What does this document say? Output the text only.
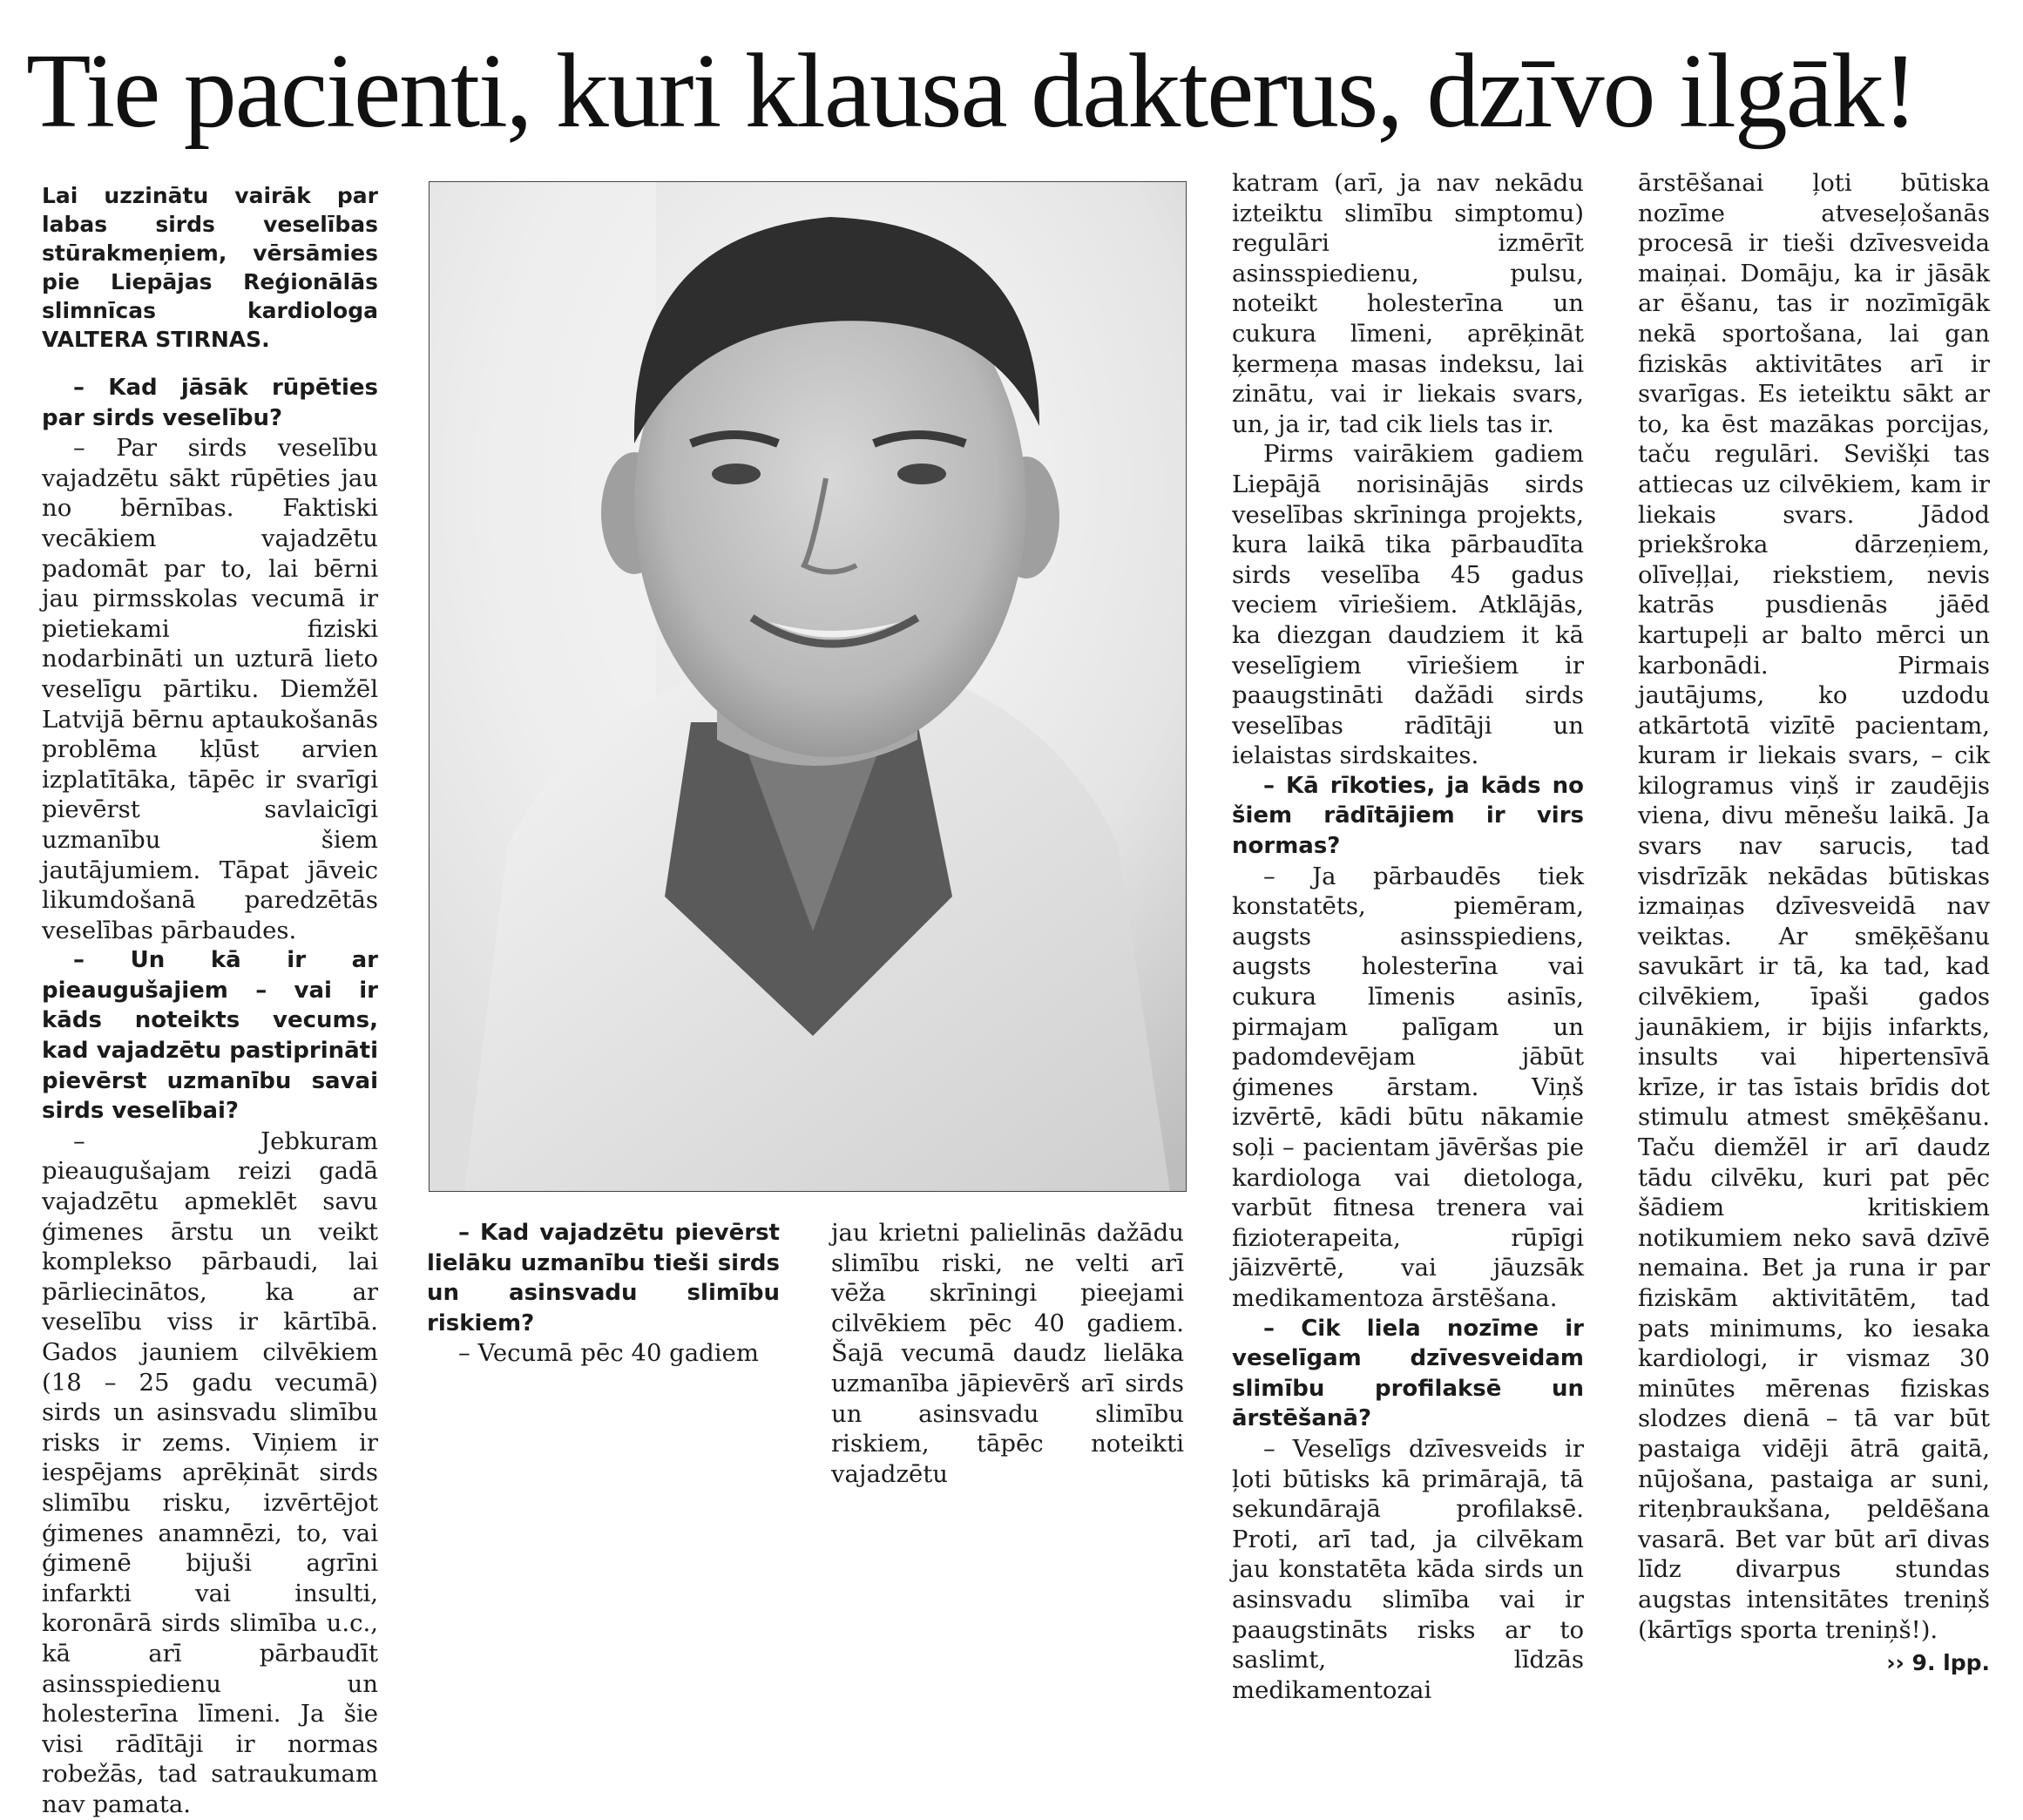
Tie pacienti, kuri klausa dakterus, dzīvo ilgāk!

Lai uzzinātu vairāk par labas sirds veselības stūrakmeņiem, vērsāmies pie Liepājas Reģionālās slimnīcas kardiologa VALTERA STIRNAS.

– Kad jāsāk rūpēties par sirds veselību?

– Par sirds veselību vajadzētu sākt rūpēties jau no bērnības. Faktiski vecākiem vajadzētu padomāt par to, lai bērni jau pirmsskolas vecumā ir pietiekami fiziski nodarbināti un uzturā lieto veselīgu pārtiku. Diemžēl Latvijā bērnu aptaukošanās problēma kļūst arvien izplatītāka, tāpēc ir svarīgi pievērst savlaicīgi uzmanību šiem jautājumiem. Tāpat jāveic likumdošanā paredzētās veselības pārbaudes.

– Un kā ir ar pieaugušajiem – vai ir kāds noteikts vecums, kad vajadzētu pastiprināti pievērst uzmanību savai sirds veselībai?

– Jebkuram pieaugušajam reizi gadā vajadzētu apmeklēt savu ģimenes ārstu un veikt komplekso pārbaudi, lai pārliecinātos, ka ar veselību viss ir kārtībā. Gados jauniem cilvēkiem (18 – 25 gadu vecumā) sirds un asinsvadu slimību risks ir zems. Viņiem ir iespējams aprēķināt sirds slimību risku, izvērtējot ģimenes anamnēzi, to, vai ģimenē bijuši agrīni infarkti vai insulti, koronārā sirds slimība u.c., kā arī pārbaudīt asinsspiedienu un holesterīna līmeni. Ja šie visi rādītāji ir normas robežās, tad satraukumam nav pamata.

– Kad vajadzētu pievērst lielāku uzmanību tieši sirds un asinsvadu slimību riskiem?

– Vecumā pēc 40 gadiem

jau krietni palielinās dažādu slimību riski, ne velti arī vēža skrīningi pieejami cilvēkiem pēc 40 gadiem. Šajā vecumā daudz lielāka uzmanība jāpievērš arī sirds un asinsvadu slimību riskiem, tāpēc noteikti vajadzētu

katram (arī, ja nav nekādu izteiktu slimību simptomu) regulāri izmērīt asinsspiedienu, pulsu, noteikt holesterīna un cukura līmeni, aprēķināt ķermeņa masas indeksu, lai zinātu, vai ir liekais svars, un, ja ir, tad cik liels tas ir.

Pirms vairākiem gadiem Liepājā norisinājās sirds veselības skrīninga projekts, kura laikā tika pārbaudīta sirds veselība 45 gadus veciem vīriešiem. Atklājās, ka diezgan daudziem it kā veselīgiem vīriešiem ir paaugstināti dažādi sirds veselības rādītāji un ielaistas sirdskaites.

– Kā rīkoties, ja kāds no šiem rādītājiem ir virs normas?

– Ja pārbaudēs tiek konstatēts, piemēram, augsts asinsspiediens, augsts holesterīna vai cukura līmenis asinīs, pirmajam palīgam un padomdevējam jābūt ģimenes ārstam. Viņš izvērtē, kādi būtu nākamie soļi – pacientam jāvēršas pie kardiologa vai dietologa, varbūt fitnesa trenera vai fizioterapeita, rūpīgi jāizvērtē, vai jāuzsāk medikamentoza ārstēšana.

– Cik liela nozīme ir veselīgam dzīvesveidam slimību profilaksē un ārstēšanā?

– Veselīgs dzīvesveids ir ļoti būtisks kā primārajā, tā sekundārajā profilaksē. Proti, arī tad, ja cilvēkam jau konstatēta kāda sirds un asinsvadu slimība vai ir paaugstināts risks ar to saslimt, līdzās medikamentozai

ārstēšanai ļoti būtiska nozīme atveseļošanās procesā ir tieši dzīvesveida maiņai. Domāju, ka ir jāsāk ar ēšanu, tas ir nozīmīgāk nekā sportošana, lai gan fiziskās aktivitātes arī ir svarīgas. Es ieteiktu sākt ar to, ka ēst mazākas porcijas, taču regulāri. Sevišķi tas attiecas uz cilvēkiem, kam ir liekais svars. Jādod priekšroka dārzeņiem, olīveļļai, riekstiem, nevis katrās pusdienās jāēd kartupeļi ar balto mērci un karbonādi. Pirmais jautājums, ko uzdodu atkārtotā vizītē pacientam, kuram ir liekais svars, – cik kilogramus viņš ir zaudējis viena, divu mēnešu laikā. Ja svars nav sarucis, tad visdrīzāk nekādas būtiskas izmaiņas dzīvesveidā nav veiktas. Ar smēķēšanu savukārt ir tā, ka tad, kad cilvēkiem, īpaši gados jaunākiem, ir bijis infarkts, insults vai hipertensīvā krīze, ir tas īstais brīdis dot stimulu atmest smēķēšanu. Taču diemžēl ir arī daudz tādu cilvēku, kuri pat pēc šādiem kritiskiem notikumiem neko savā dzīvē nemaina. Bet ja runa ir par fiziskām aktivitātēm, tad pats minimums, ko iesaka kardiologi, ir vismaz 30 minūtes mērenas fiziskas slodzes dienā – tā var būt pastaiga vidēji ātrā gaitā, nūjošana, pastaiga ar suni, riteņbraukšana, peldēšana vasarā. Bet var būt arī divas līdz divarpus stundas augstas intensitātes treniņš (kārtīgs sporta treniņš!).

›› 9. lpp.
